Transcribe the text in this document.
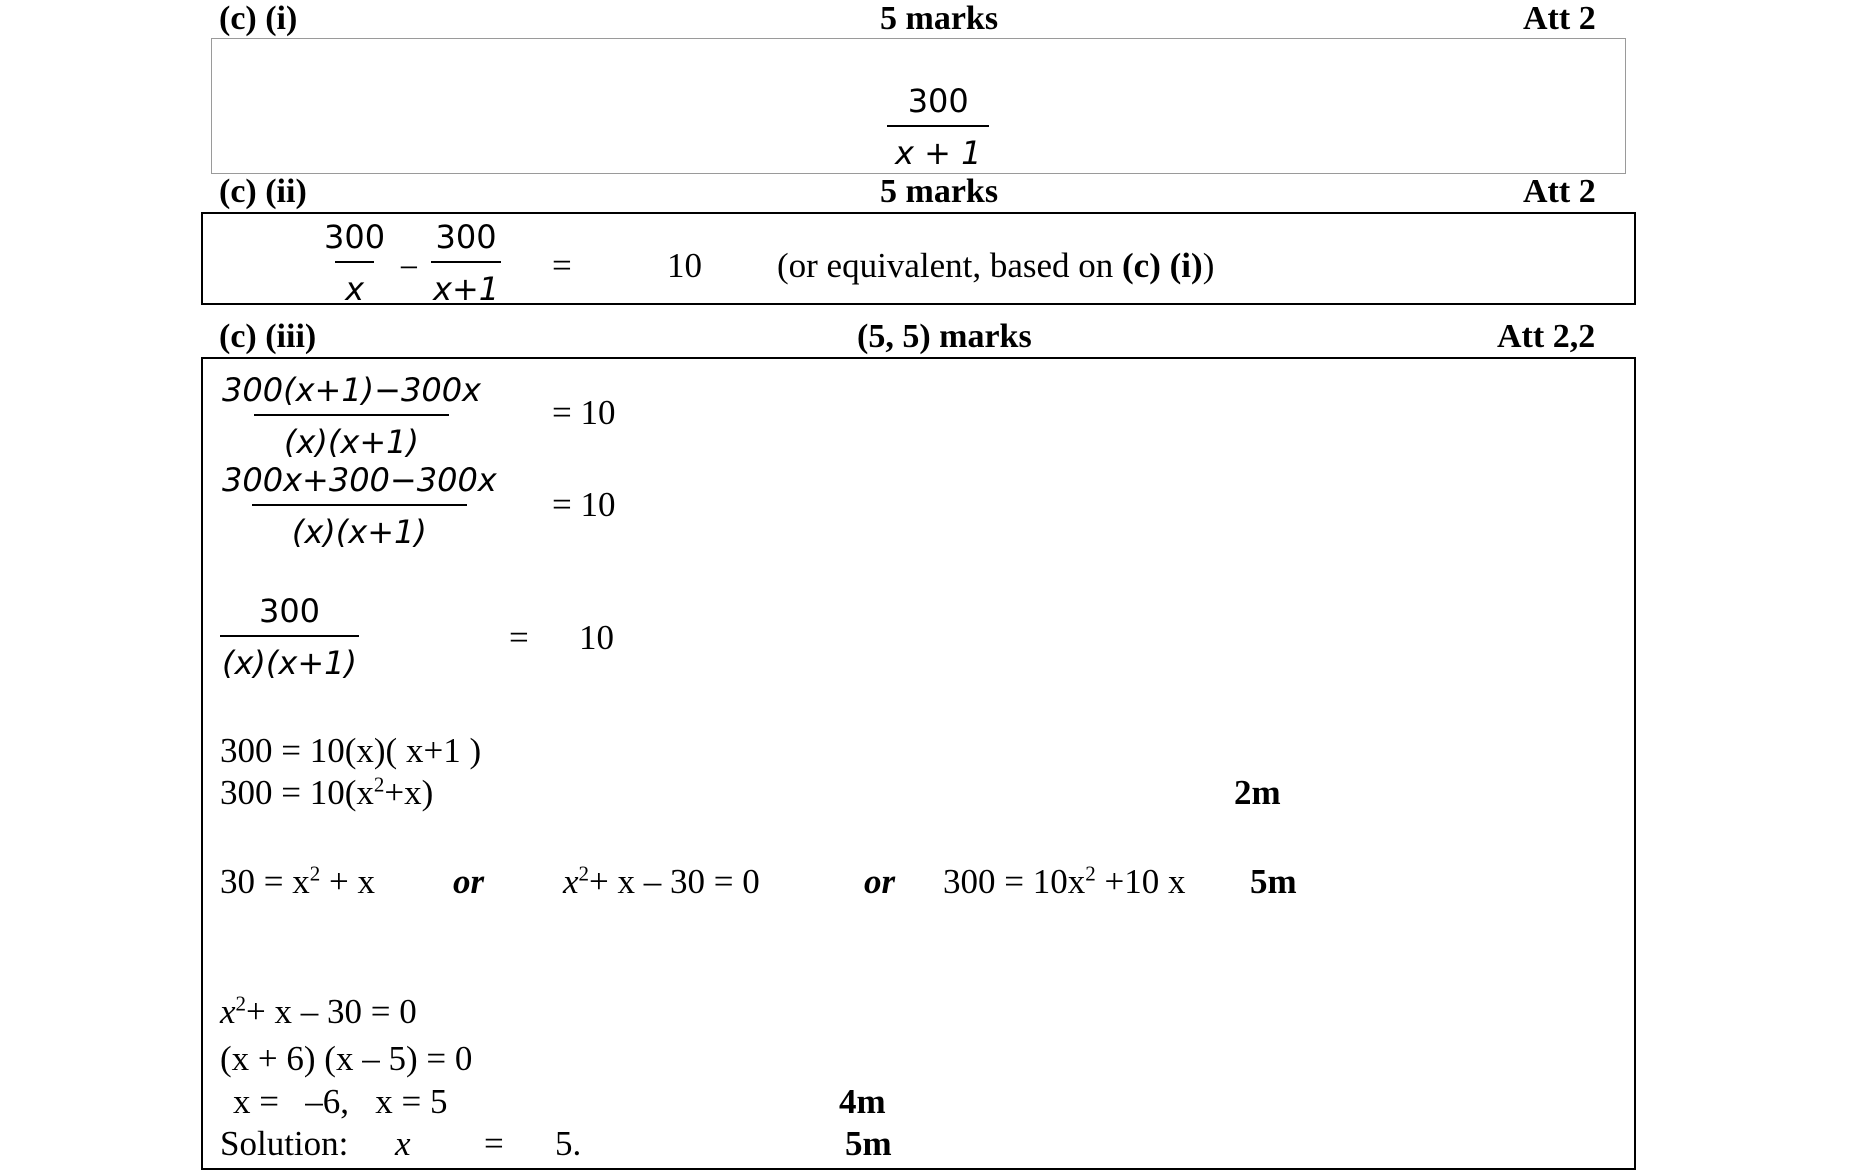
(c) (i)	5 marks	Att 2
$\frac{300}{x + 1}$
(c) (ii)	5 marks	Att 2
$\frac{300}{x} - \frac{300}{x+1}$ =	10 (or equivalent, based on (c) (i))
(c) (iii)	(5, 5) marks	Att 2,2
$\frac{300(x+1)-300x}{(x)(x+1)} = 10$
$\frac{300x+300-300x}{(x)(x+1)} = 10$
$\frac{300}{(x)(x+1)}$	= 10
300 = 10(x)( x+1 )
$300 = 10(x^2+x)$	2m
$30 = x^2 + x$ or $x^2+ x - 30 = 0$	or $300 = 10x^2 +10$ x 5m
$x^2+ x - 30 = 0$
(x + 6) (x – 5) = 0
x =   –6,   x = 5	4m
Solution: x = 5.	5m
